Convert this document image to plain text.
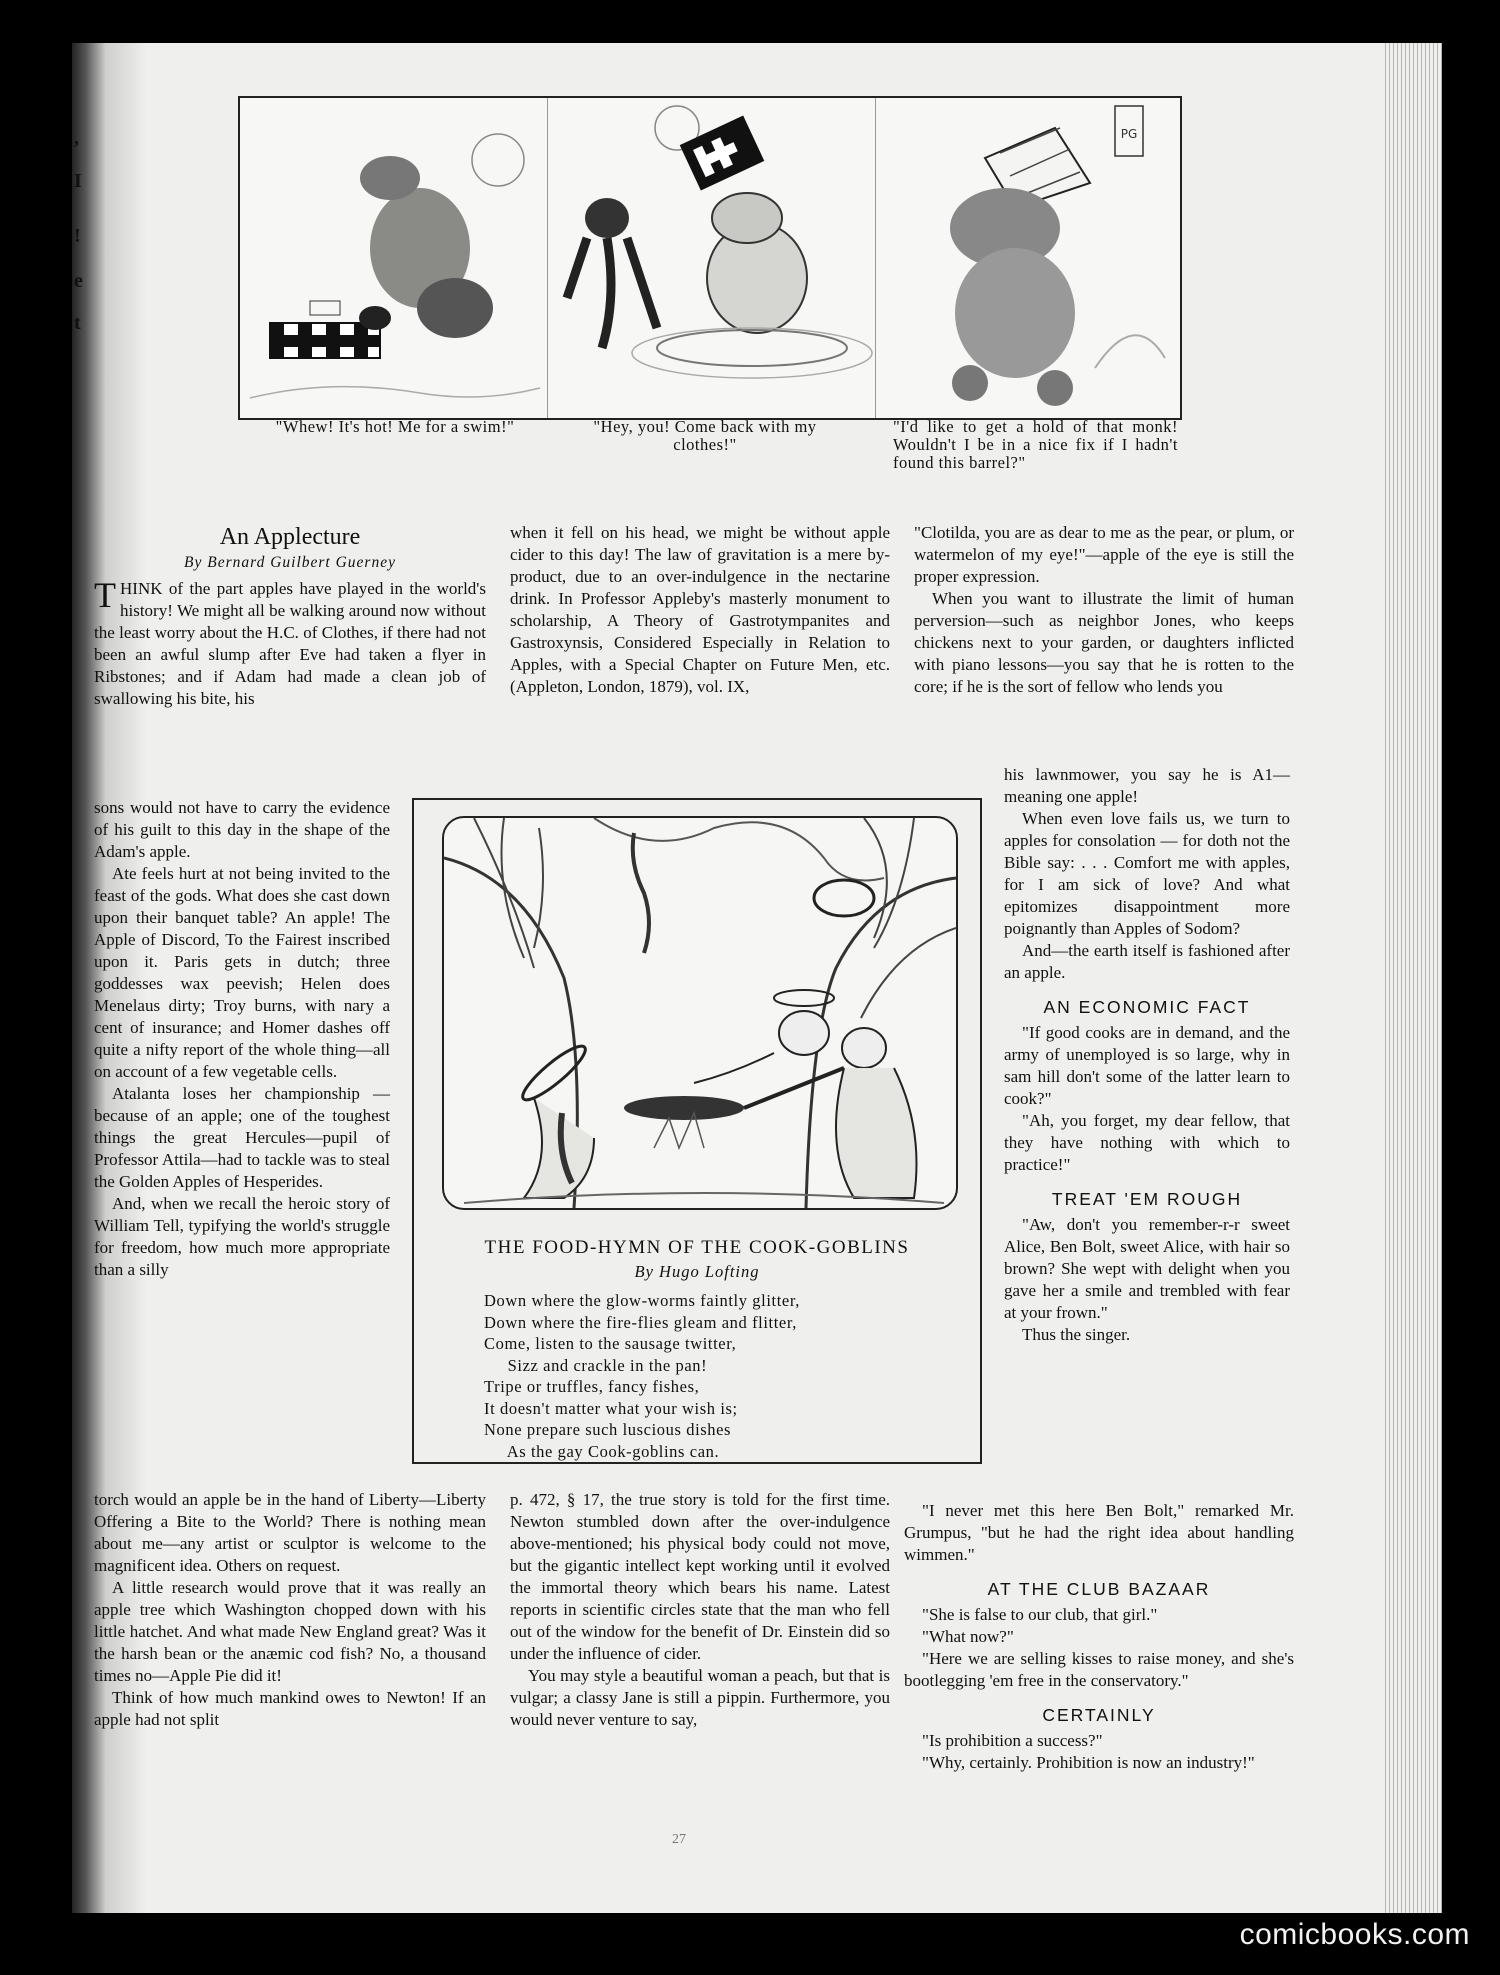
,
I
!
e
t
PG
"Whew! It's hot! Me for a swim!"	"Hey, you! Come back with my clothes!"
"I'd like to get a hold of that monk! Wouldn't I be in a nice fix if I hadn't found this barrel?"
An Applecture
By Bernard Guilbert Guerney

THINK of the part apples have played in the world's history! We might all be walking around now without the least worry about the H.C. of Clothes, if there had not been an awful slump after Eve had taken a flyer in Ribstones; and if Adam had made a clean job of swallowing his bite, his

sons would not have to carry the evidence of his guilt to this day in the shape of the Adam's apple.

Ate feels hurt at not being invited to the feast of the gods. What does she cast down upon their banquet table? An apple! The Apple of Discord, To the Fairest inscribed upon it. Paris gets in dutch; three goddesses wax peevish; Helen does Menelaus dirty; Troy burns, with nary a cent of insurance; and Homer dashes off quite a nifty report of the whole thing—all on account of a few vegetable cells.

Atalanta loses her championship — because of an apple; one of the toughest things the great Hercules—pupil of Professor Attila—had to tackle was to steal the Golden Apples of Hesperides.

And, when we recall the heroic story of William Tell, typifying the world's struggle for freedom, how much more appropriate than a silly

torch would an apple be in the hand of Liberty—Liberty Offering a Bite to the World? There is nothing mean about me—any artist or sculptor is welcome to the magnificent idea. Others on request.

A little research would prove that it was really an apple tree which Washington chopped down with his little hatchet. And what made New England great? Was it the harsh bean or the anæmic cod fish? No, a thousand times no—Apple Pie did it!

Think of how much mankind owes to Newton! If an apple had not split

when it fell on his head, we might be without apple cider to this day! The law of gravitation is a mere by-product, due to an over-indulgence in the nectarine drink. In Professor Appleby's masterly monument to scholarship, A Theory of Gastrotympanites and Gastroxynsis, Considered Especially in Relation to Apples, with a Special Chapter on Future Men, etc. (Appleton, London, 1879), vol. IX,

THE FOOD-HYMN OF THE COOK-GOBLINS
By Hugo Lofting
Down where the glow-worms faintly glitter,
Down where the fire-flies gleam and flitter,
Come, listen to the sausage twitter,
Sizz and crackle in the pan!
Tripe or truffles, fancy fishes,
It doesn't matter what your wish is;
None prepare such luscious dishes
As the gay Cook-goblins can.

p. 472, § 17, the true story is told for the first time. Newton stumbled down after the over-indulgence above-mentioned; his physical body could not move, but the gigantic intellect kept working until it evolved the immortal theory which bears his name. Latest reports in scientific circles state that the man who fell out of the window for the benefit of Dr. Einstein did so under the influence of cider.

You may style a beautiful woman a peach, but that is vulgar; a classy Jane is still a pippin. Furthermore, you would never venture to say,

"Clotilda, you are as dear to me as the pear, or plum, or watermelon of my eye!"—apple of the eye is still the proper expression.

When you want to illustrate the limit of human perversion—such as neighbor Jones, who keeps chickens next to your garden, or daughters inflicted with piano lessons—you say that he is rotten to the core; if he is the sort of fellow who lends you

his lawnmower, you say he is A1—meaning one apple!

When even love fails us, we turn to apples for consolation — for doth not the Bible say: . . . Comfort me with apples, for I am sick of love? And what epitomizes disappointment more poignantly than Apples of Sodom?

And—the earth itself is fashioned after an apple.

AN ECONOMIC FACT

"If good cooks are in demand, and the army of unemployed is so large, why in sam hill don't some of the latter learn to cook?"

"Ah, you forget, my dear fellow, that they have nothing with which to practice!"

TREAT 'EM ROUGH

"Aw, don't you remember-r-r sweet Alice, Ben Bolt, sweet Alice, with hair so brown? She wept with delight when you gave her a smile and trembled with fear at your frown."

Thus the singer.

"I never met this here Ben Bolt," remarked Mr. Grumpus, "but he had the right idea about handling wimmen."

AT THE CLUB BAZAAR

"She is false to our club, that girl."

"What now?"

"Here we are selling kisses to raise money, and she's bootlegging 'em free in the conservatory."

CERTAINLY

"Is prohibition a success?"

"Why, certainly. Prohibition is now an industry!"

27
comicbooks.com
